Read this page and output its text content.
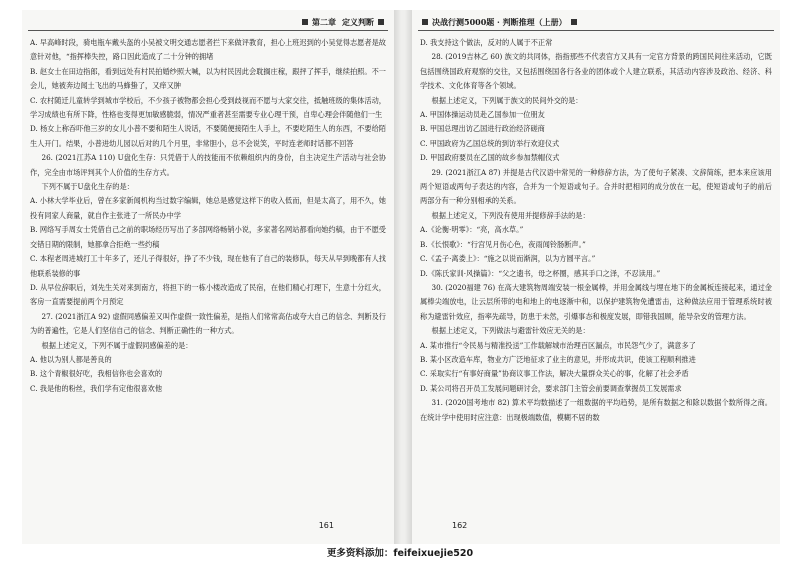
第二章 定义判断

A. 早高峰时段，骑电瓶车戴头盔的小吴被文明交通志愿者拦下来做评教育，担心上班迟到的小吴觉得志愿者是故意针对他，“指挥棒失控，路口因此造成了二十分钟的拥堵

B. 赵女士在田边指郎，看到远处有村民拍婚纱照大喊，以为村民因此会耽搁庄稼，跟抨了挥手，继续拍照。不一会儿，她被奔边闻土飞出的马蜂蛰了，又痒又肿

C. 农村随迁儿童转学到城市学校后，不少孩子被物都会担心受到歧视而不愿与大家交往，抵触班级的集体活动，学习成绩也有所下降，性格也变得更加敏感脆弱，情况严重者甚至需要专业心理干预，自卑心理会伴随他们一生

D. 杨女上称吞吓他三岁的女儿小普不要和陌生人说话，不要随便接陌生人手上，不要吃陌生人的东西，不要给陌生人开门。结果，小普进幼儿园以后对的几个月里，非常胆小，总不会说笑，平时连老师时话都不回答

26. (2021江苏A 110) U盘化生存：只凭借于人的技能而不依赖组织内的身份，自主决定生产活动与社会协作，完全由市场评判其个人价值的生存方式。

下列不属于U盘化生存的是：

A. 小林大学毕业后，曾在多家新闻机构当过数字编辑，她总是感觉这样下的收入低而，但是太高了，用不久，她投有同家人商量，就自作主张进了一所民办中学

B. 网络写手周女士凭借自己之前的职场经历写出了多部网络畅销小说，多家著名网站都看向她约稿，由于不愿受交错日期的限制，她都拿合拒绝一些约稿

C. 本程老周进城打工十年多了，还儿子得很好，挣了不少钱，现在他有了自己的装修队，每天从早到晚都有人找他联系装修的事

D. 从早位辞职后，刘先生关对来到南方，将担下的一栋小楼改造成了民宿，在他们精心打理下，生意十分红火，客房一直需要提前两个月预定

27. (2021浙江A 92) 虚假同感偏差又叫作虚假一致性偏差，是指人们常常高估或夸大自己的信念、判断及行为的普遍性，它是人们坚信自己的信念、判断正确性的一种方式。

根据上述定义，下列不属于虚假同感偏差的是：

A. 他以为别人都是善良的

B. 这个青椒很好吃，我相信你也会喜欢的

C. 我是他的粉丝，我们学有定他很喜欢他

161
决战行测5000题 · 判断推理（上册）

D. 我支持这个做法，反对的人属于不正常

28. (2019吉林乙 60) 族文的共同体，指指那些不代表官方又具有一定官方背景的跨国民间往来活动，它既包括围绕国政府观察的交往，又包括围绕国各行各业的团体或个人建立联系，其活动内容涉及政治、经济、科学技术、文化体育等各个领域。

根据上述定义，下列属于族文的民间外交的是：

A. 甲国体操运动员赴乙国参加一位朋友

B. 甲国总理出访乙国进行政治经济磋商

C. 甲国政府为乙国总统的到访举行欢迎仪式

D. 甲国政府要员在乙国的故乡参加禁帽仪式

29. (2021浙江A 87) 并提是古代汉语中常见的一种修辞方法，为了使句子紧凑、文辞简练，把本来应该用两个短语或两句子表达的内容，合并为一个短语或句子。合并时把相同的成分放在一起，使短语或句子的前后两部分有一种分别相承的关系。

根据上述定义，下列没有使用并提修辞手法的是：

A.《论衡·明零》：“亮，高水草。”

B.《长恨歌》：“行宫见月伤心色，夜雨闻铃肠断声。”

C.《孟子·离娄上》：“施之以说而渐润，以为方圆平言。”

D.《陈氏家训·风操篇》：“父之遗书，母之杯圈，感其手口之泽，不忍读用。”

30. (2020福建 76) 在高大建筑物周端安装一根金属棒，并用金属线与埋在地下的金属板连接起来，通过金属棒尖端放电，让云层所带的电和地上的电逐渐中和，以保护建筑物免遭雷击，这种做法应用于管理系统时被称为避雷针效应，指率先疏导，防患于未然，引爆事态和极度发展，即错我国顾，能导杂安的管理方法。

根据上述定义，下列做法与避雷针效应无关的是：

A. 某市推行“令民易与精准投送”工作载解城市治理百区漏点，市民怨气少了，满意多了

B. 某小区改造车库，物业方广泛地征求了业主的意见，并形成共识，使该工程顺利推进

C. 采取实行“有事好商量”协商议事工作法，解决大量群众关心的事，化解了社会矛盾

D. 某公司将召开员工发展问题研讨会，要求部门主管会前要调查掌握员工发展需求

31. (2020国考地市 82) 算术平均数描述了一组数据的平均趋势，是所有数据之和除以数据个数所得之商。在统计学中使用时应注意：出现极端数值，模糊不居的数

162
更多资料添加：feifeixuejie520
